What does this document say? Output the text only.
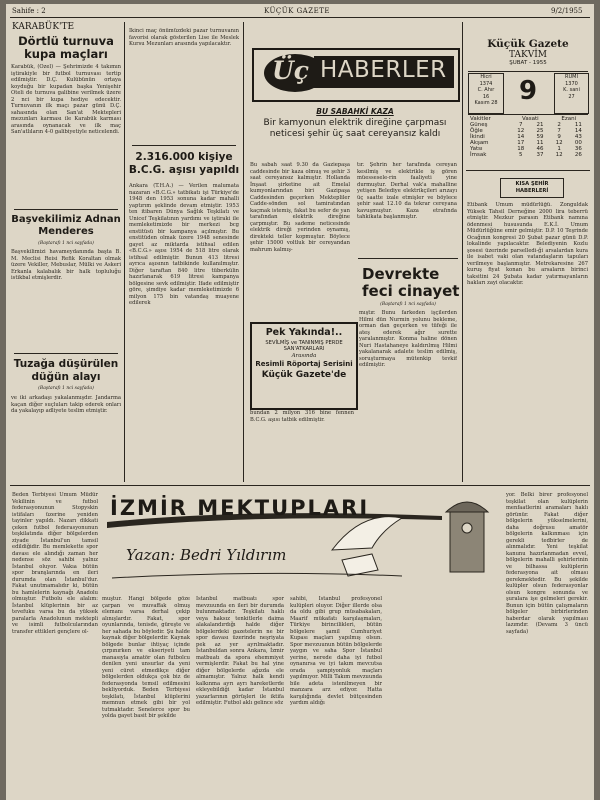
Sahife : 2	KÜÇÜK GAZETE	9/2/1955
KARABÜK'TE
Dörtlü turnuva kupa maçları
Karabük, (Özel) — Şehrimizde 4 takımın iştirakiyle bir futbol turnuvası tertip edilmiştir. D.Ç. Kulübünün ortaya koyduğu bir kupadan başka Yenişehir Oteli de turnuva galibine verilmek üzere 2 nci bir kupa hediye edecektir. Turnuvanın ilk maçı pazar günü D.Ç. sahasında olan San'at Mektepleri mezunları karması ile Karabük karması arasında oynanacak ve ilk maç San'atlıların 4-0 galibiyetiyle neticelendi.
Başvekilimiz Adnan Menderes
(Baştarafı 1 nci sayfada)
Başvekilimizi havameydanında başta B. M. Meclisi Reisi Refik Koraltan olmak üzere Vekiller, Mebuslar, Mülki ve Askeri Erkanla kalabalık bir halk topluluğu istikbal etmişlerdir.
Tuzağa düşürülen düğün alayı
(Baştarafı 1 nci sayfada)
ve iki arkadaşı yakalanmışdır. Jandarma kaçan diğer suçluları takip ederek onları da yakalayıp adliyete teslim etmiştir.
İkinci maç önümüzdeki pazar turnuvanın favorisi olarak gösterilen Lise ile Meslek Kursu Mezunları arasında yapılacaktır.
2.316.000 kişiye B.C.G. aşısı yapıldı
Ankara (T.H.A.) — Verilen malumata nazaran «B.C.G.» tatbikatı işi Türkiye'de 1948 den 1953 sonuna kadar mahalli yaptırım şeklinde devam etmiştir. 1953 ten itibaren Dünya Sağlık Teşkilatı ve Unicef Teşkilatının yardımı ve iştiraki ile memleketimizde bir merkezi bcg enstitüsü bir kampanya açılmıştır. Bu enstitüden olmak üzere 1948 senesinde gayet az miktarda istihsal edilen «B.C.G.» aşısı 1954 de 518 litre olarak istihsal edilmiştir. Bunun 413 litresi ayrıca aşısının tatbikinde kullanılmıştır. Diğer taraftan 840 litre tüberkülin hazırlanarak 619 litresi kampanya bölgesine sevk edilmiştir. Ifade edilmiştir göre, şimdiye kadar memleketimizde 6 milyon 175 bin vatandaş muayene edilerek
Üç HABERLER
BU SABAHKİ KAZA
Bir kamyonun elektrik direğine çarpması neticesi şehir üç saat cereyansız kaldı
Bu sabah saat 9.30 da Gaziepaşa caddesinde bir kaza olmuş ve şehir 3 saat cereyansız kalmıştır. Hollanda İnşaat şirketine ait Emelal kumyonlarından biri Gazipaşa Caddesinden geçerken Mektepliler Cadde-sönden sol tamiratından kaçmak istemiş, fakat bu sefer de yan tarafından elektrik direğine çarpmıştır. Bu sademe neticesinde elektrik direği yerinden oynamış, direkteki teller kopmuştur. Böylece şehir 15000 voltluk bir cereyandan mahrum kalmış-
tır. Şehrin her tarafında cereyan kesilmiş ve elektrikle iş gören müessesele-rin faaliyeti yine durmuştur. Derhal vak'a mahalline yetişen Belediye elektrikçileri arızayı üç saatte izale etmişler ve böylece şehir saat 12.10 da tekrar cereyana kavuşmuştur. Kaza etrafında tahkikata başlanmıştır.
Pek Yakında!..
SEVİLMİŞ ve TANINMIŞ PERDE SAN'ATKARLARI
Arasında
Resimli Röportaj Serisini
Küçük Gazete'de
bundan 2 milyon 316 bine fennen B.C.G. aşısı tatbik edilmiştir.
Devrekte feci cinayet
(Baştarafı 1 nci sayfada)
mıştır. Bunu farkeden işçilerden Hilmi dün Nurmin yolunu bekleme, orman dan geçerken ve tüfeği ile ateş ederek ağır surette yaralanmıştır. Konma haline dönen Nuri Hastahaneye kaldırılmış Hilmi yakalanarak adalete teslim edilmiş, soruşturmaya mütenkip tevkif edilmiştir.
Küçük Gazete
TAKVİM
ŞUBAT - 1955
Hicri
1374
C. Ahır
16
Kasım 28 9	RUMİ
1370
K. sani
27
Vakitler	Vasati		Ezani	
Güneş	7	21	2	11
Öğle	12	25	7	14
İkindi	14	59	9	43
Akşam	17	11	12	00
Yatsı	18	46	1	36
İmsak	5	37	12	26
KISA ŞEHİR HABERLERİ
Etibank Umum müdürlüğü. Zonguldak Yüksek Tahsil Derneğine 2000 lira teberrü etmiştir. Mezkur parasın Etibank namına ödenmesi hususunda E.K.İ. Umum Müdürlüğüne emir gelmiştir. D.P. 10 Teşrinde Ocağının kongresi 20 Şubat pazar günü D.P. lokalinde yapılacaktır. Belediyenin Kozlu şosesi üzerinde parselledi-ği arsalardan kura ile isabet vaki olan vatandaşların tapuları verilmeye başlanmıştır. Metrekaresine 267 kuruş fiyat konan bu arsaların birinci taksitini 24 Şubata kadar yatırmayanların hakları zayi olacaktır.
Beden Terbiyesi Umum Müdür Vekilinin ve futbol federasyonunun Stopyskin istifaları üzerine yeniden tayinler yapıldı. Nazarı dikkati çeken futbol federasyonunun teşkilatında diğer bölgelerden ziyade İstanbul'un tamsil edildiğidir. Bu memlekette spor davası ele alındığı zaman her nedense söz sahibi yalnız İstanbul oluyor. Vakıa bütün spor branşlarında en ileri durumda olan İstanbul'dur. Fakat unutmamalıdır ki, bütün bu hamlelerin kaynağı Anadolu olmuştur. Futbolu ele alalım: İstanbul klüplerinin bir az tevefuku varsa bu da yüksek paralarla Anadolunun mektepli ve isimli futbolcularından transfer ettikleri gençlere ol-
İZMİR MEKTUPLARI
Yazan: Bedri Yıldırım
muştur. Hangi bölgede göze çarpan ve muvaffak olmuş elemanı varsa derhal çekip alınışlardır. Fakat, spor oyunlarında, tenisde, güreşte ve her sahada bu böyledir. Şu halde kaynak diğer bölgelerdir. Kaynak bölgede bunlar ihtiyaç içinde çırpınırken ve ekseriyeti tam manasıyla amatör olan futbolcu denilen yeni unsurlar da yeni yeni cüret etmedikçe diğer bölgelerden oldukça çok biz de federasyonda temsil edilmesini bekliyorduk. Beden Terbiyesi teşkilatı, İstanbul klüplerini memnun etmek gibi bir yol tutmaktadır. Senelerce spor bu yolda gayet basit bir şekilde
İstanbul matbuatı spor mevzuunda en ileri bir durumda bulunmaktadır. Teşkilatı haklı veya haksız tenkitlerle daima alakalandırdığı halde diğer bölgelerdeki gazetelerin ne bir spor davası üzerinde neşriyata pek az yer ayrılmaktadır. İstanbuldan sonra Ankara, İzmir matbuatı da spora ehemmiyet vermişlerdir. Fakat bu hal yine diğer bölgelerde ağızda ele almamıştır. Yalnız halk kendi kalkınma ayrı ayrı hareketlerde ekleyebildiği kadar İstanbul yazarlarının görüşleri ile iktifa edilmiştir. Futbol aklı gelince söz
sahibi, İstanbul profesyonel kulüpleri oluyor. Diğer illerde olsa da oldu gibi grup müsabakaları, Maarif mükafatı karşılaşmaları, Türkiye birincilikleri, bütün bölgelere şamil Cumhuriyet Kupası maçları yapılmış olsun. Spor mevzuunun bütün bölgelerde yaygın ve saha Spor İstanbul yerine, nerede daha iyi futbol oynanırsa ve iyi takım mevcutsa orada şampiyonluk maçları yapılmıyor. Milli Takım mevzuunda bile adeta istenilmeyen bir manzara arz ediyor. Hatta karşılığında devlet bütçesinden yardım aldığı
yor. Belki birer profesyonel teşkilat olan kulüplerin menfaatlerini aramaları haklı görünür. Fakat diğer bölgelerin yükselmelerini, daha doğrusu amatör bölgelerin kalkınması için gerekli tedbirler de alınmalıdır. Yeni teşkilat kanunu hazırlanmadan evvel, bölgelerin mahalli şehirlerinin ve bilhassa kulüplerin federasyona ait olması gerekmektedir. Bu şekilde kulüpler olsun federasyonlar olsun kongre sonunda ve şuralara işe gelmeleri gerekir. Bunun için bütün çalışmaların bölgeler birbirlerinden haberdar olarak yapılması lazımdır. (Devamı 3 üncü sayfada)
